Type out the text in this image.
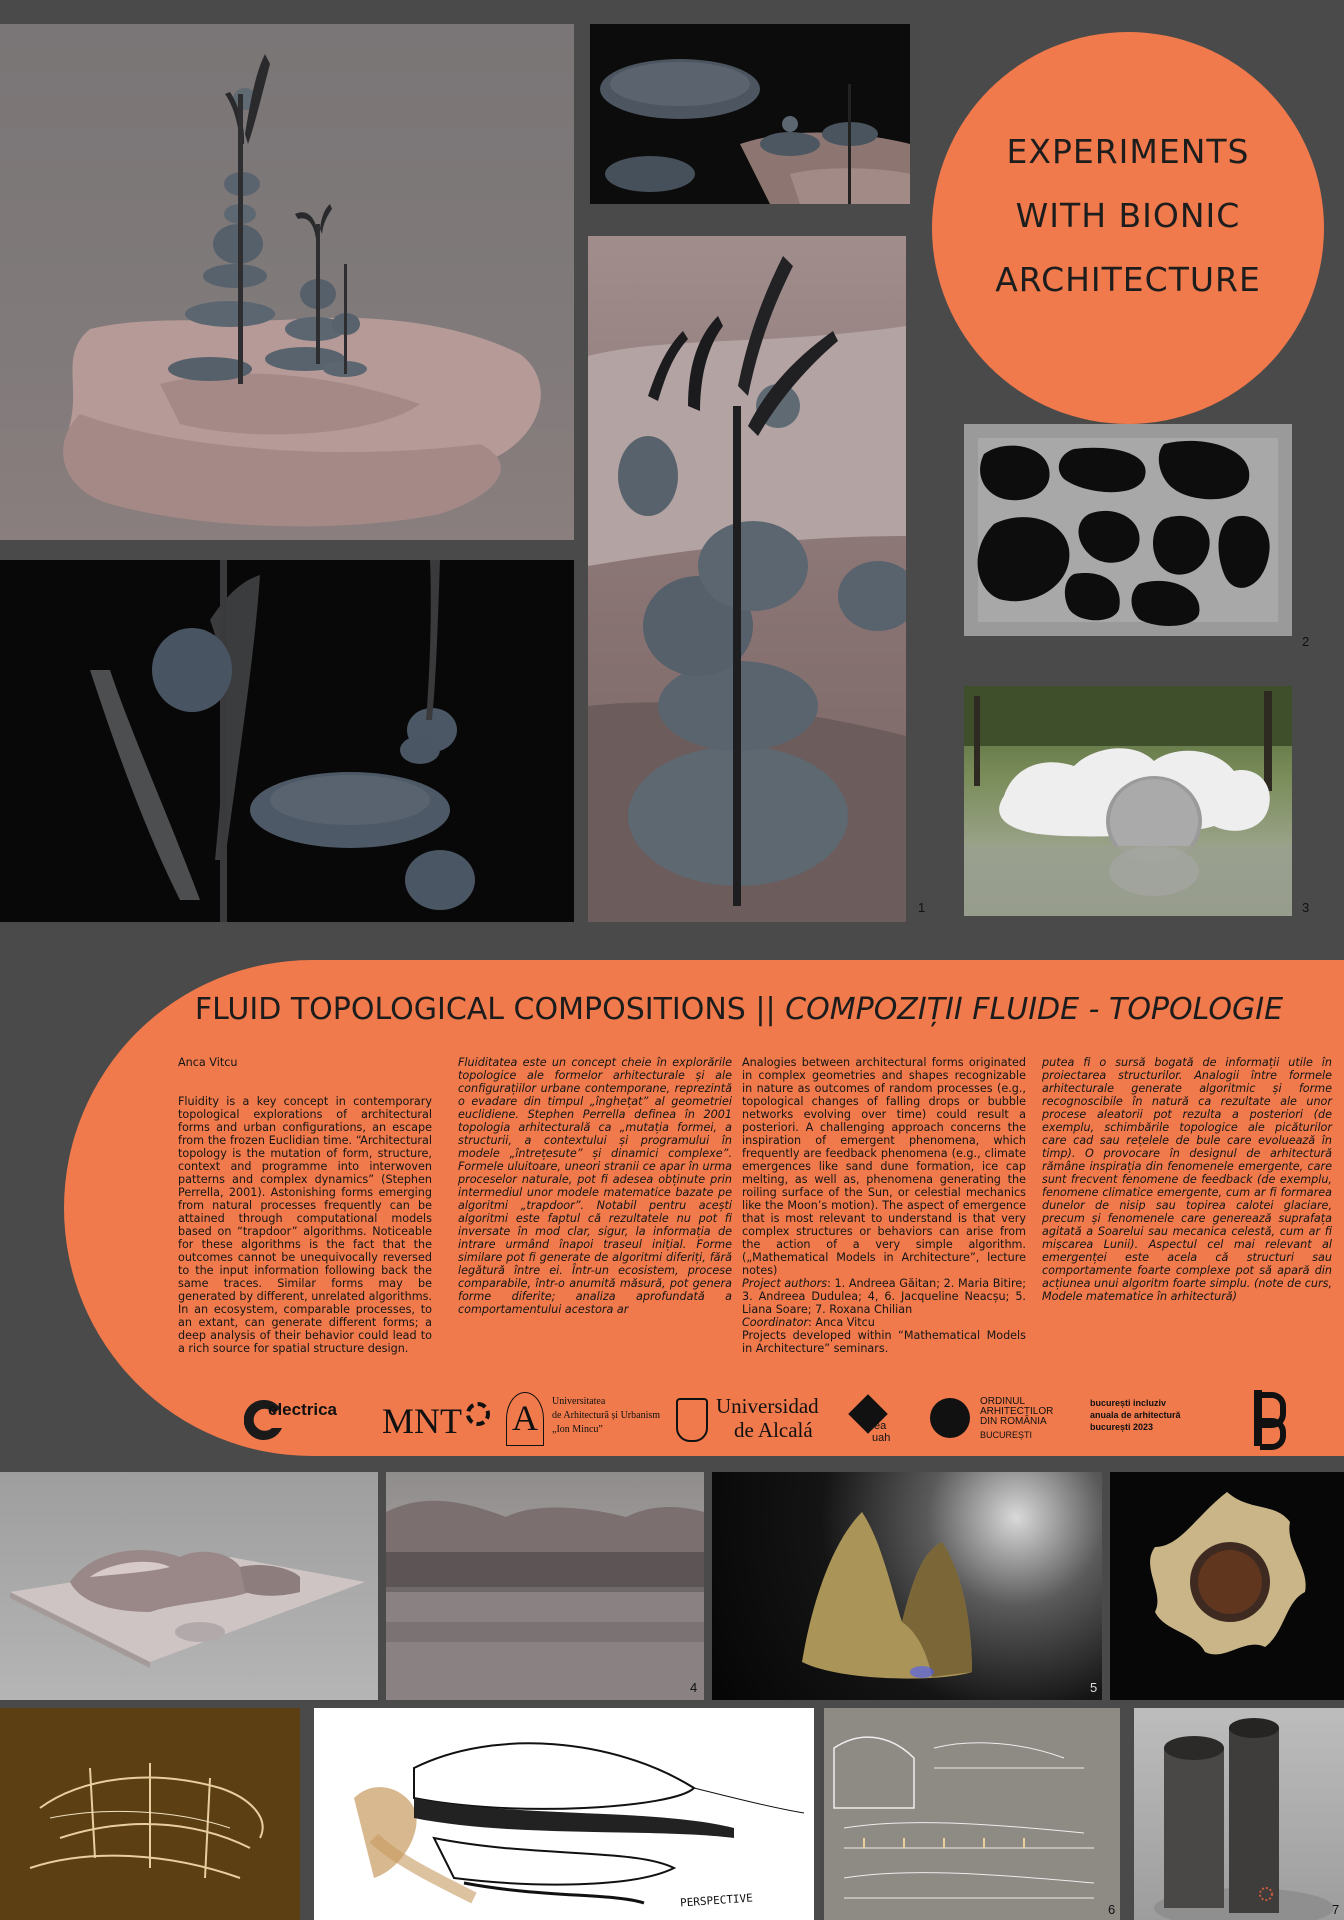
EXPERIMENTS
WITH BIONIC
ARCHITECTURE
1
2
3
FLUID TOPOLOGICAL COMPOSITIONS || COMPOZIȚII FLUIDE - TOPOLOGIE

Anca Vitcu

Fluidity is a key concept in contemporary topological explorations of architectural forms and urban configurations, an escape from the frozen Euclidian time. “Architectural topology is the mutation of form, structure, context and programme into interwoven patterns and complex dynamics” (Stephen Perrella, 2001). Astonishing forms emerging from natural processes frequently can be attained through computational models based on “trapdoor” algorithms. Noticeable for these algorithms is the fact that the outcomes cannot be unequivocally reversed to the input information following back the same traces. Similar forms may be generated by different, unrelated algorithms. In an ecosystem, comparable processes, to an extant, can generate different forms; a deep analysis of their behavior could lead to a rich source for spatial structure design.

Fluiditatea este un concept cheie în explorările topologice ale formelor arhitecturale și ale configurațiilor urbane contemporane, reprezintă o evadare din timpul „înghețat” al geometriei euclidiene. Stephen Perrella definea în 2001 topologia arhitecturală ca „mutația formei, a structurii, a contextului și programului în modele „întrețesute” și dinamici complexe”. Formele uluitoare, uneori stranii ce apar în urma proceselor naturale, pot fi adesea obținute prin intermediul unor modele matematice bazate pe algoritmi „trapdoor”. Notabil pentru acești algoritmi este faptul că rezultatele nu pot fi inversate în mod clar, sigur, la informația de intrare urmând înapoi traseul inițial. Forme similare pot fi generate de algoritmi diferiți, fără legătură între ei. Într-un ecosistem, procese comparabile, într-o anumită măsură, pot genera forme diferite; analiza aprofundată a comportamentului acestora ar

Analogies between architectural forms originated in complex geometries and shapes recognizable in nature as outcomes of random processes (e.g., topological changes of falling drops or bubble networks evolving over time) could result a posteriori. A challenging approach concerns the inspiration of emergent phenomena, which frequently are feedback phenomena (e.g., climate emergences like sand dune formation, ice cap melting, as well as, phenomena generating the roiling surface of the Sun, or celestial mechanics like the Moon’s motion). The aspect of emergence that is most relevant to understand is that very complex structures or behaviors can arise from the action of a very simple algorithm. („Mathematical Models in Architecture”, lecture notes)

Project authors: 1. Andreea Găitan; 2. Maria Bitire; 3. Andreea Dudulea; 4, 6. Jacqueline Neacșu; 5. Liana Soare; 7. Roxana Chilian

Coordinator: Anca Vitcu

Projects developed within “Mathematical Models in Architecture” seminars.

putea fi o sursă bogată de informații utile în proiectarea structurilor. Analogii între formele arhitecturale generate algoritmic și forme recognoscibile în natură ca rezultate ale unor procese aleatorii pot rezulta a posteriori (de exemplu, schimbările topologice ale picăturilor care cad sau rețelele de bule care evoluează în timp). O provocare în designul de arhitectură rămâne inspirația din fenomenele emergente, care sunt frecvent fenomene de feedback (de exemplu, fenomene climatice emergente, cum ar fi formarea dunelor de nisip sau topirea calotei glaciare, precum și fenomenele care generează suprafața agitată a Soarelui sau mecanica celestă, cum ar fi mișcarea Lunii). Aspectul cel mai relevant al emergenței este acela că structuri sau comportamente foarte complexe pot să apară din acțiunea unui algoritm foarte simplu. (note de curs, Modele matematice în arhitectură)

electrica MNT A	Universitatea
de Arhitectură și Urbanism
„Ion Mincu”
Universidad
de Alcalá	ea
uah
ORDINUL
ARHITECTILOR
DIN ROMÂNIA
BUCUREȘTI
bucurești incluziv
anuala de arhitectură
bucurești 2023
4	5
PERSPECTIVE	6	7
